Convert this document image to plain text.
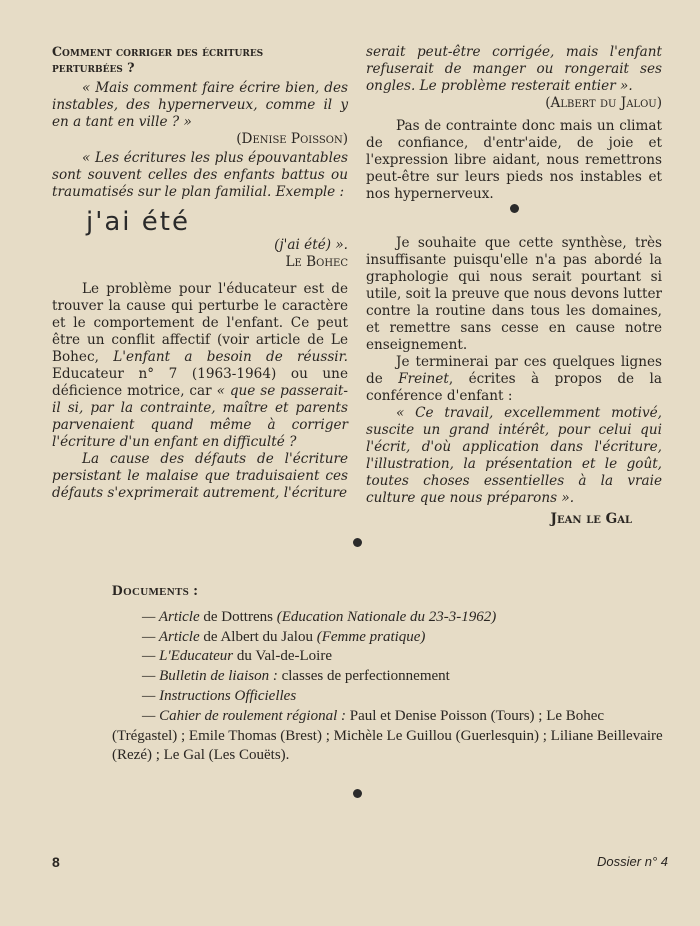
Comment corriger des écritures
perturbées ?

« Mais comment faire écrire bien, des instables, des hypernerveux, comme il y en a tant en ville ? »

(Denise Poisson)

« Les écritures les plus épouvantables sont souvent celles des enfants battus ou traumatisés sur le plan familial. Exemple :

j'ai été

(j'ai été) ».

Le Bohec

Le problème pour l'éducateur est de trouver la cause qui perturbe le caractère et le comportement de l'enfant. Ce peut être un conflit affectif (voir article de Le Bohec, L'enfant a besoin de réussir. Educateur n° 7 (1963-1964) ou une déficience motrice, car « que se passerait-il si, par la contrainte, maître et parents parvenaient quand même à corriger l'écriture d'un enfant en difficulté ?

La cause des défauts de l'écriture persistant le malaise que traduisaient ces défauts s'exprimerait autrement, l'écriture

serait peut-être corrigée, mais l'enfant refuserait de manger ou rongerait ses ongles. Le problème resterait entier ».

(Albert du Jalou)

Pas de contrainte donc mais un climat de confiance, d'entr'aide, de joie et l'expression libre aidant, nous remettrons peut-être sur leurs pieds nos instables et nos hypernerveux.

Je souhaite que cette synthèse, très insuffisante puisqu'elle n'a pas abordé la graphologie qui nous serait pourtant si utile, soit la preuve que nous devons lutter contre la routine dans tous les domaines, et remettre sans cesse en cause notre enseignement.

Je terminerai par ces quelques lignes de Freinet, écrites à propos de la conférence d'enfant :

« Ce travail, excellemment motivé, suscite un grand intérêt, pour celui qui l'écrit, d'où application dans l'écriture, l'illustration, la présentation et le goût, toutes choses essentielles à la vraie culture que nous préparons ».

Jean le Gal

Documents :
— Article de Dottrens (Education Nationale du 23-3-1962)
— Article de Albert du Jalou (Femme pratique)
— L'Educateur du Val-de-Loire
— Bulletin de liaison : classes de perfectionnement
— Instructions Officielles
— Cahier de roulement régional : Paul et Denise Poisson (Tours) ; Le Bohec (Trégastel) ; Emile Thomas (Brest) ; Michèle Le Guillou (Guerlesquin) ; Liliane Beillevaire (Rezé) ; Le Gal (Les Couëts).
8	Dossier n° 4
